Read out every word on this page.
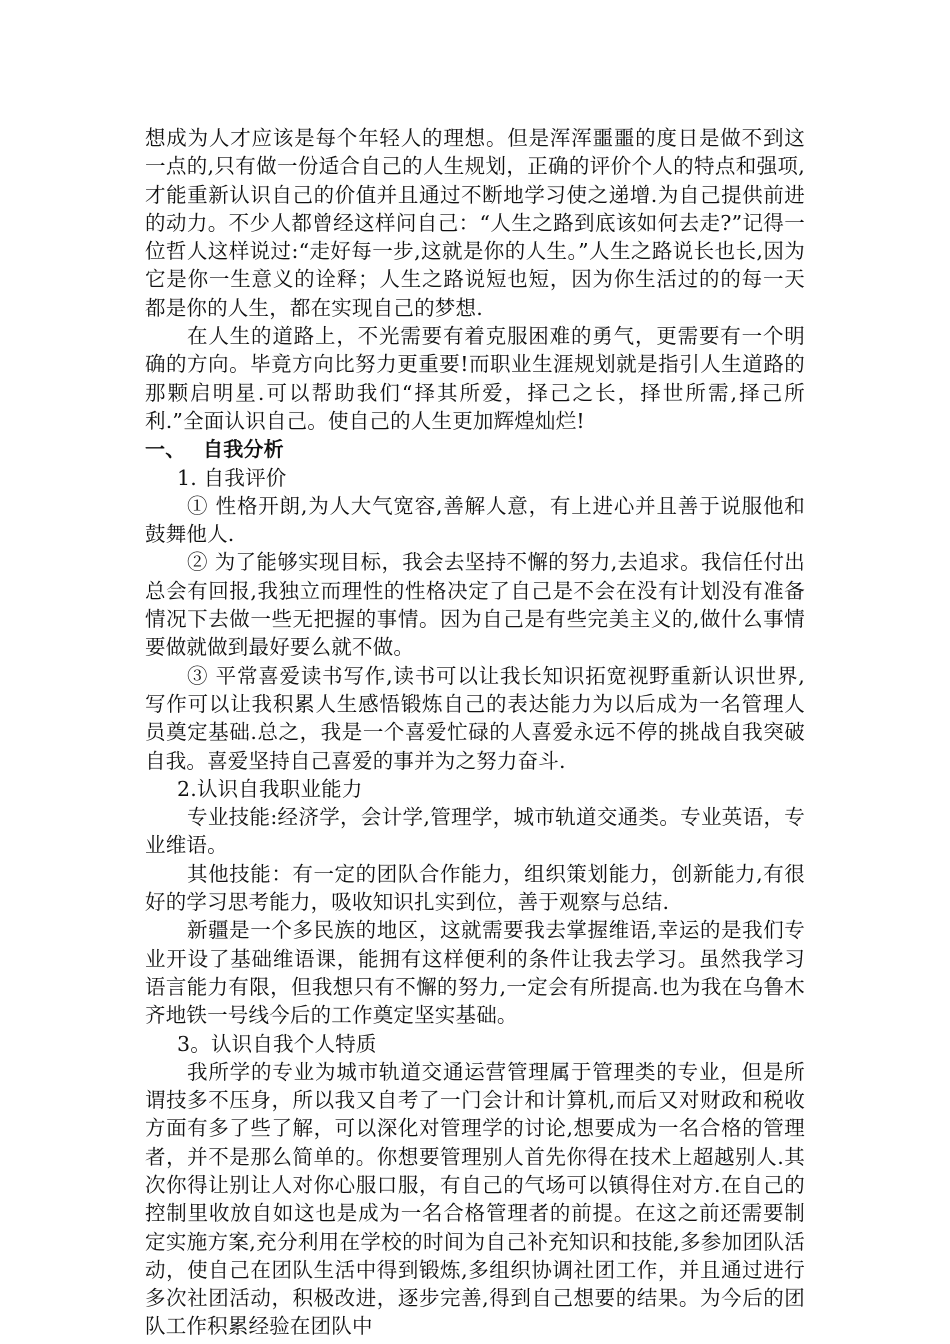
想成为人才应该是每个年轻人的理想。但是浑浑噩噩的度日是做不到这一点的,只有做一份适合自己的人生规划，正确的评价个人的特点和强项,才能重新认识自己的价值并且通过不断地学习使之递增.为自己提供前进的动力。不少人都曾经这样问自己：“人生之路到底该如何去走?”记得一位哲人这样说过:“走好每一步,这就是你的人生。”人生之路说长也长,因为它是你一生意义的诠释；人生之路说短也短，因为你生活过的的每一天都是你的人生，都在实现自己的梦想.

在人生的道路上，不光需要有着克服困难的勇气，更需要有一个明确的方向。毕竟方向比努力更重要!而职业生涯规划就是指引人生道路的那颗启明星.可以帮助我们“择其所爱，择己之长，择世所需,择己所利.”全面认识自己。使自己的人生更加辉煌灿烂!

一、 自我分析

1. 自我评价

① 性格开朗,为人大气宽容,善解人意，有上进心并且善于说服他和鼓舞他人.

② 为了能够实现目标，我会去坚持不懈的努力,去追求。我信任付出总会有回报,我独立而理性的性格决定了自己是不会在没有计划没有准备情况下去做一些无把握的事情。因为自己是有些完美主义的,做什么事情要做就做到最好要么就不做。

③ 平常喜爱读书写作,读书可以让我长知识拓宽视野重新认识世界,写作可以让我积累人生感悟锻炼自己的表达能力为以后成为一名管理人员奠定基础.总之，我是一个喜爱忙碌的人喜爱永远不停的挑战自我突破自我。喜爱坚持自己喜爱的事并为之努力奋斗.

2.认识自我职业能力

专业技能:经济学，会计学,管理学，城市轨道交通类。专业英语，专业维语。

其他技能：有一定的团队合作能力，组织策划能力，创新能力,有很好的学习思考能力，吸收知识扎实到位，善于观察与总结.

新疆是一个多民族的地区，这就需要我去掌握维语,幸运的是我们专业开设了基础维语课，能拥有这样便利的条件让我去学习。虽然我学习语言能力有限，但我想只有不懈的努力,一定会有所提高.也为我在乌鲁木齐地铁一号线今后的工作奠定坚实基础。

3。认识自我个人特质

我所学的专业为城市轨道交通运营管理属于管理类的专业，但是所谓技多不压身，所以我又自考了一门会计和计算机,而后又对财政和税收方面有多了些了解，可以深化对管理学的讨论,想要成为一名合格的管理者，并不是那么简单的。你想要管理别人首先你得在技术上超越别人.其次你得让别让人对你心服口服，有自己的气场可以镇得住对方.在自己的控制里收放自如这也是成为一名合格管理者的前提。在这之前还需要制定实施方案,充分利用在学校的时间为自己补充知识和技能,多参加团队活动，使自己在团队生活中得到锻炼,多组织协调社团工作，并且通过进行多次社团活动，积极改进，逐步完善,得到自己想要的结果。为今后的团队工作积累经验在团队中
